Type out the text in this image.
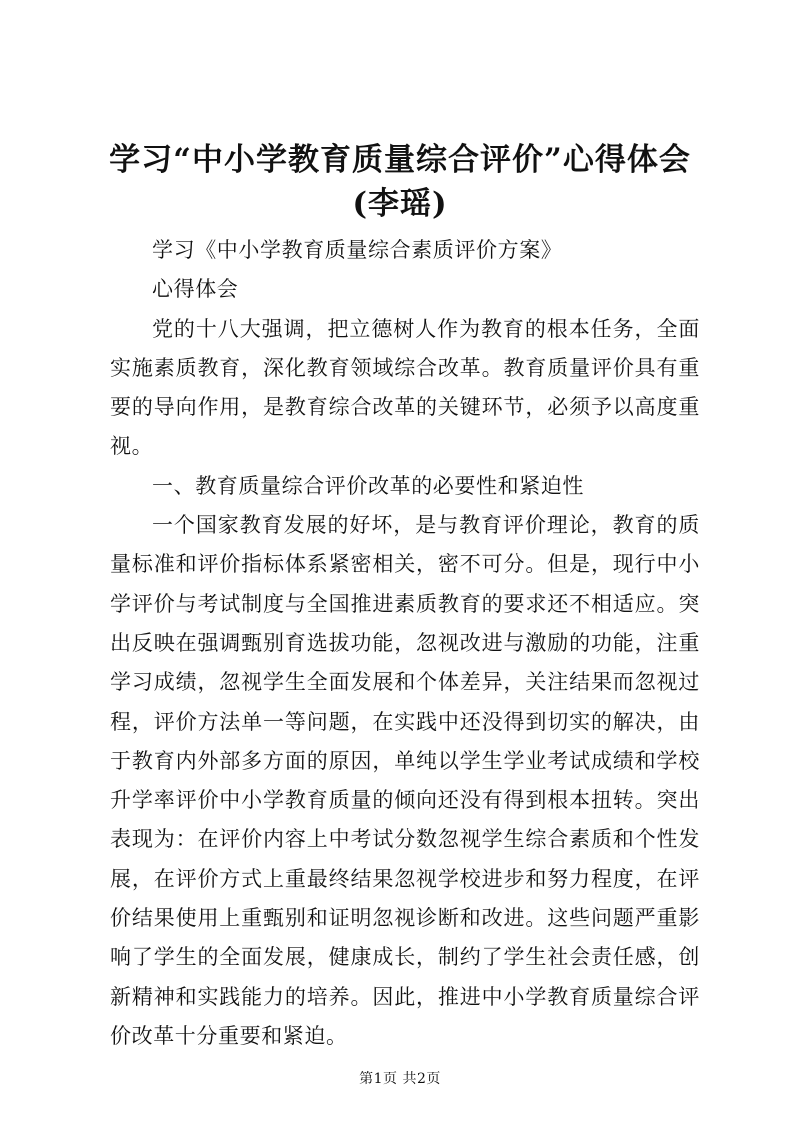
学习“中小学教育质量综合评价”心得体会
(李瑶)

学习《中小学教育质量综合素质评价方案》

心得体会

党的十八大强调，把立德树人作为教育的根本任务，全面实施素质教育，深化教育领域综合改革。教育质量评价具有重要的导向作用，是教育综合改革的关键环节，必须予以高度重视。

一、教育质量综合评价改革的必要性和紧迫性

一个国家教育发展的好坏，是与教育评价理论，教育的质量标准和评价指标体系紧密相关，密不可分。但是，现行中小学评价与考试制度与全国推进素质教育的要求还不相适应。突出反映在强调甄别育选拔功能，忽视改进与激励的功能，注重学习成绩，忽视学生全面发展和个体差异，关注结果而忽视过程，评价方法单一等问题，在实践中还没得到切实的解决，由于教育内外部多方面的原因，单纯以学生学业考试成绩和学校升学率评价中小学教育质量的倾向还没有得到根本扭转。突出表现为：在评价内容上中考试分数忽视学生综合素质和个性发展，在评价方式上重最终结果忽视学校进步和努力程度，在评价结果使用上重甄别和证明忽视诊断和改进。这些问题严重影响了学生的全面发展，健康成长，制约了学生社会责任感，创新精神和实践能力的培养。因此，推进中小学教育质量综合评价改革十分重要和紧迫。

第1页 共2页
